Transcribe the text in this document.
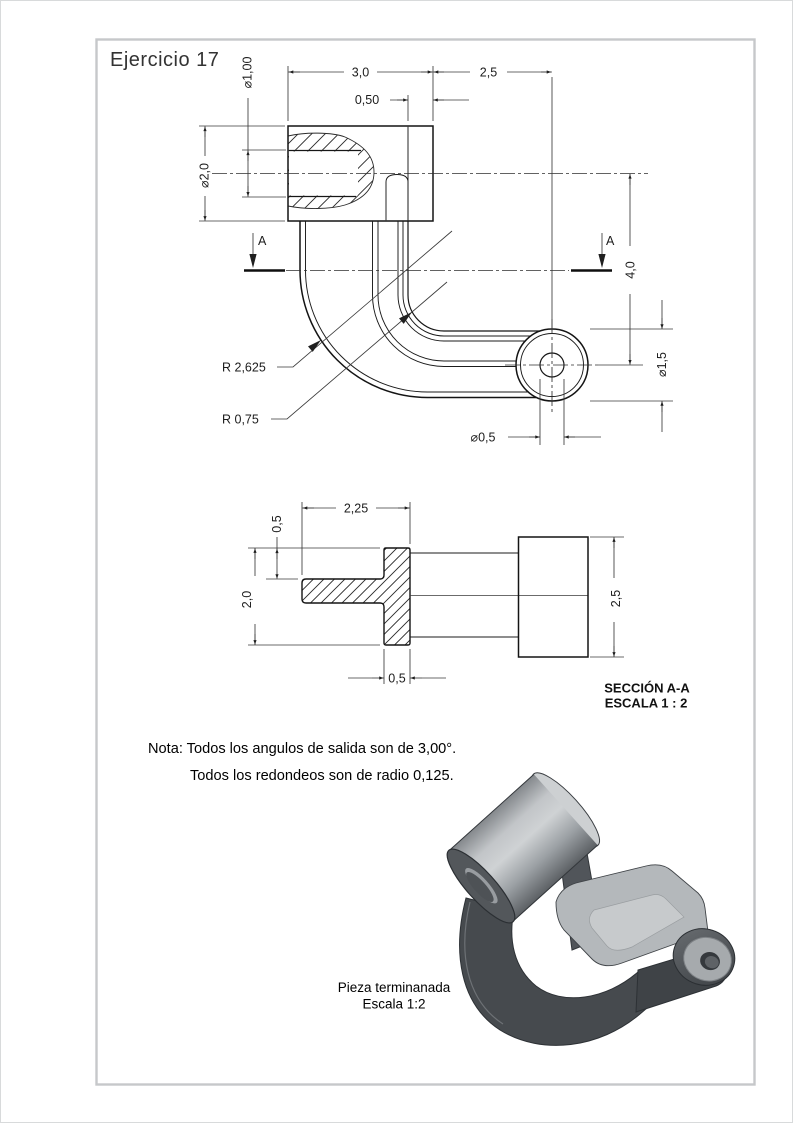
Ejercicio 17
3,0	2,5
0,50
⌀1,00
⌀2,0
4,0
⌀1,5
⌀0,5
R 2,625
R 0,75
A	A
2,25
0,5
2,0
0,5
2,5
SECCIÓN A-A
ESCALA 1 : 2
Nota: Todos los angulos de salida son de 3,00°.
Todos los redondeos son de radio 0,125.
Pieza terminanada
Escala 1:2
